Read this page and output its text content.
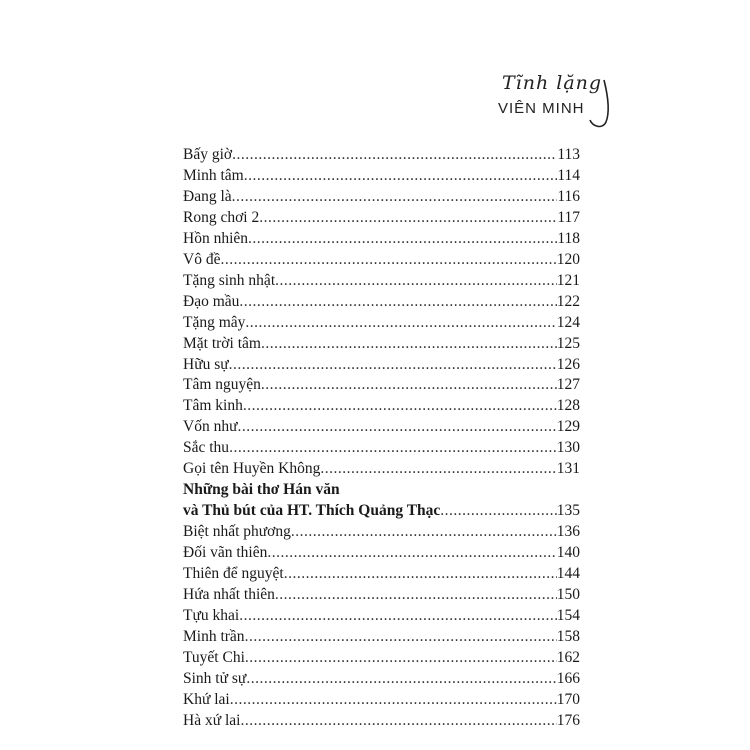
Tĩnh lặng
VIÊN MINH
Bấy giờ .....	113
Minh tâm .....	114
Đang là .....	116
Rong chơi 2 .....	117
Hồn nhiên .....	118
Vô đề .....	120
Tặng sinh nhật .....	121
Đạo mầu .....	122
Tặng mây .....	124
Mặt trời tâm .....	125
Hữu sự .....	126
Tâm nguyện .....	127
Tâm kinh .....	128
Vốn như .....	129
Sắc thu .....	130
Gọi tên Huyền Không .....	131
Những bài thơ Hán văn
và Thủ bút của HT. Thích Quảng Thạc .....	135
Biệt nhất phương .....	136
Đối vãn thiên .....	140
Thiên để nguyệt .....	144
Hứa nhất thiên .....	150
Tựu khai .....	154
Minh trần .....	158
Tuyết Chi .....	162
Sinh tử sự .....	166
Khứ lai .....	170
Hà xứ lai .....	176
